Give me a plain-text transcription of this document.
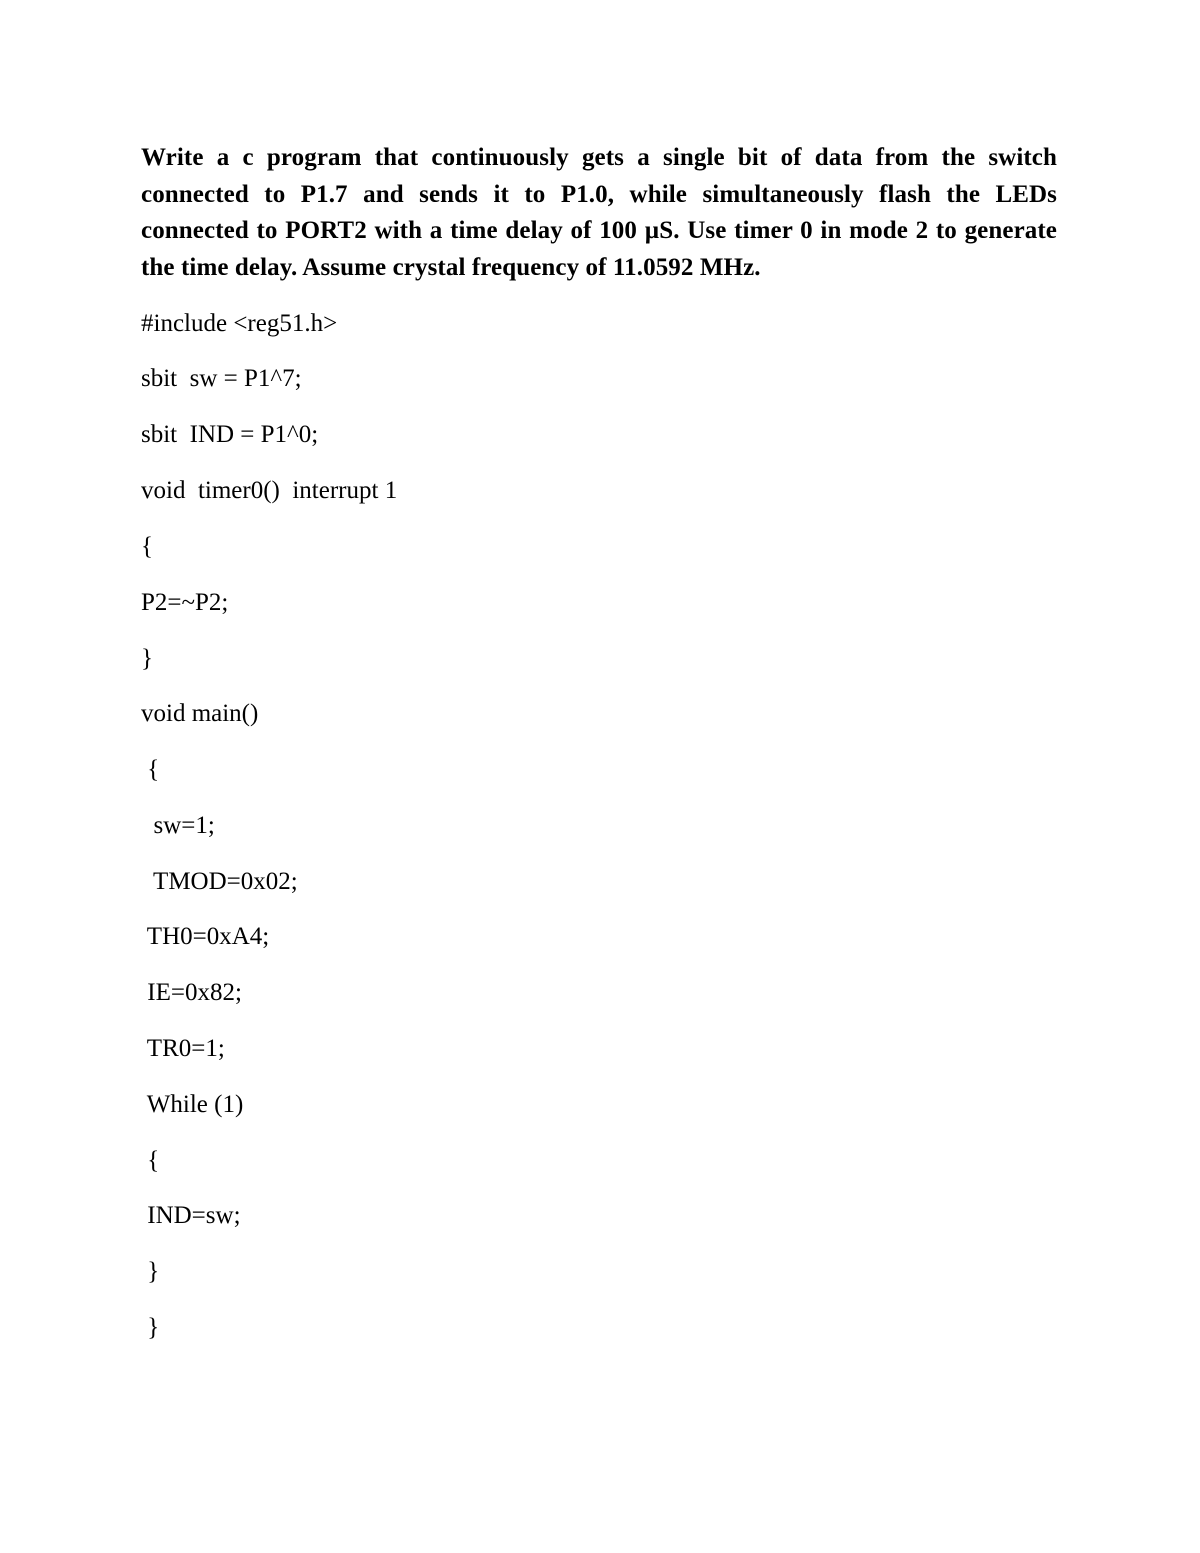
Write a c program that continuously gets a single bit of data from the switch connected to P1.7 and sends it to P1.0, while simultaneously flash the LEDs connected to PORT2 with a time delay of 100 µS. Use timer 0 in mode 2 to generate the time delay. Assume crystal frequency of 11.0592 MHz.

#include <reg51.h>

sbit  sw = P1^7;

sbit  IND = P1^0;

void  timer0()  interrupt 1

{

P2=~P2;

}

void main()

{

sw=1;

TMOD=0x02;

TH0=0xA4;

IE=0x82;

TR0=1;

While (1)

{

IND=sw;

}

}
